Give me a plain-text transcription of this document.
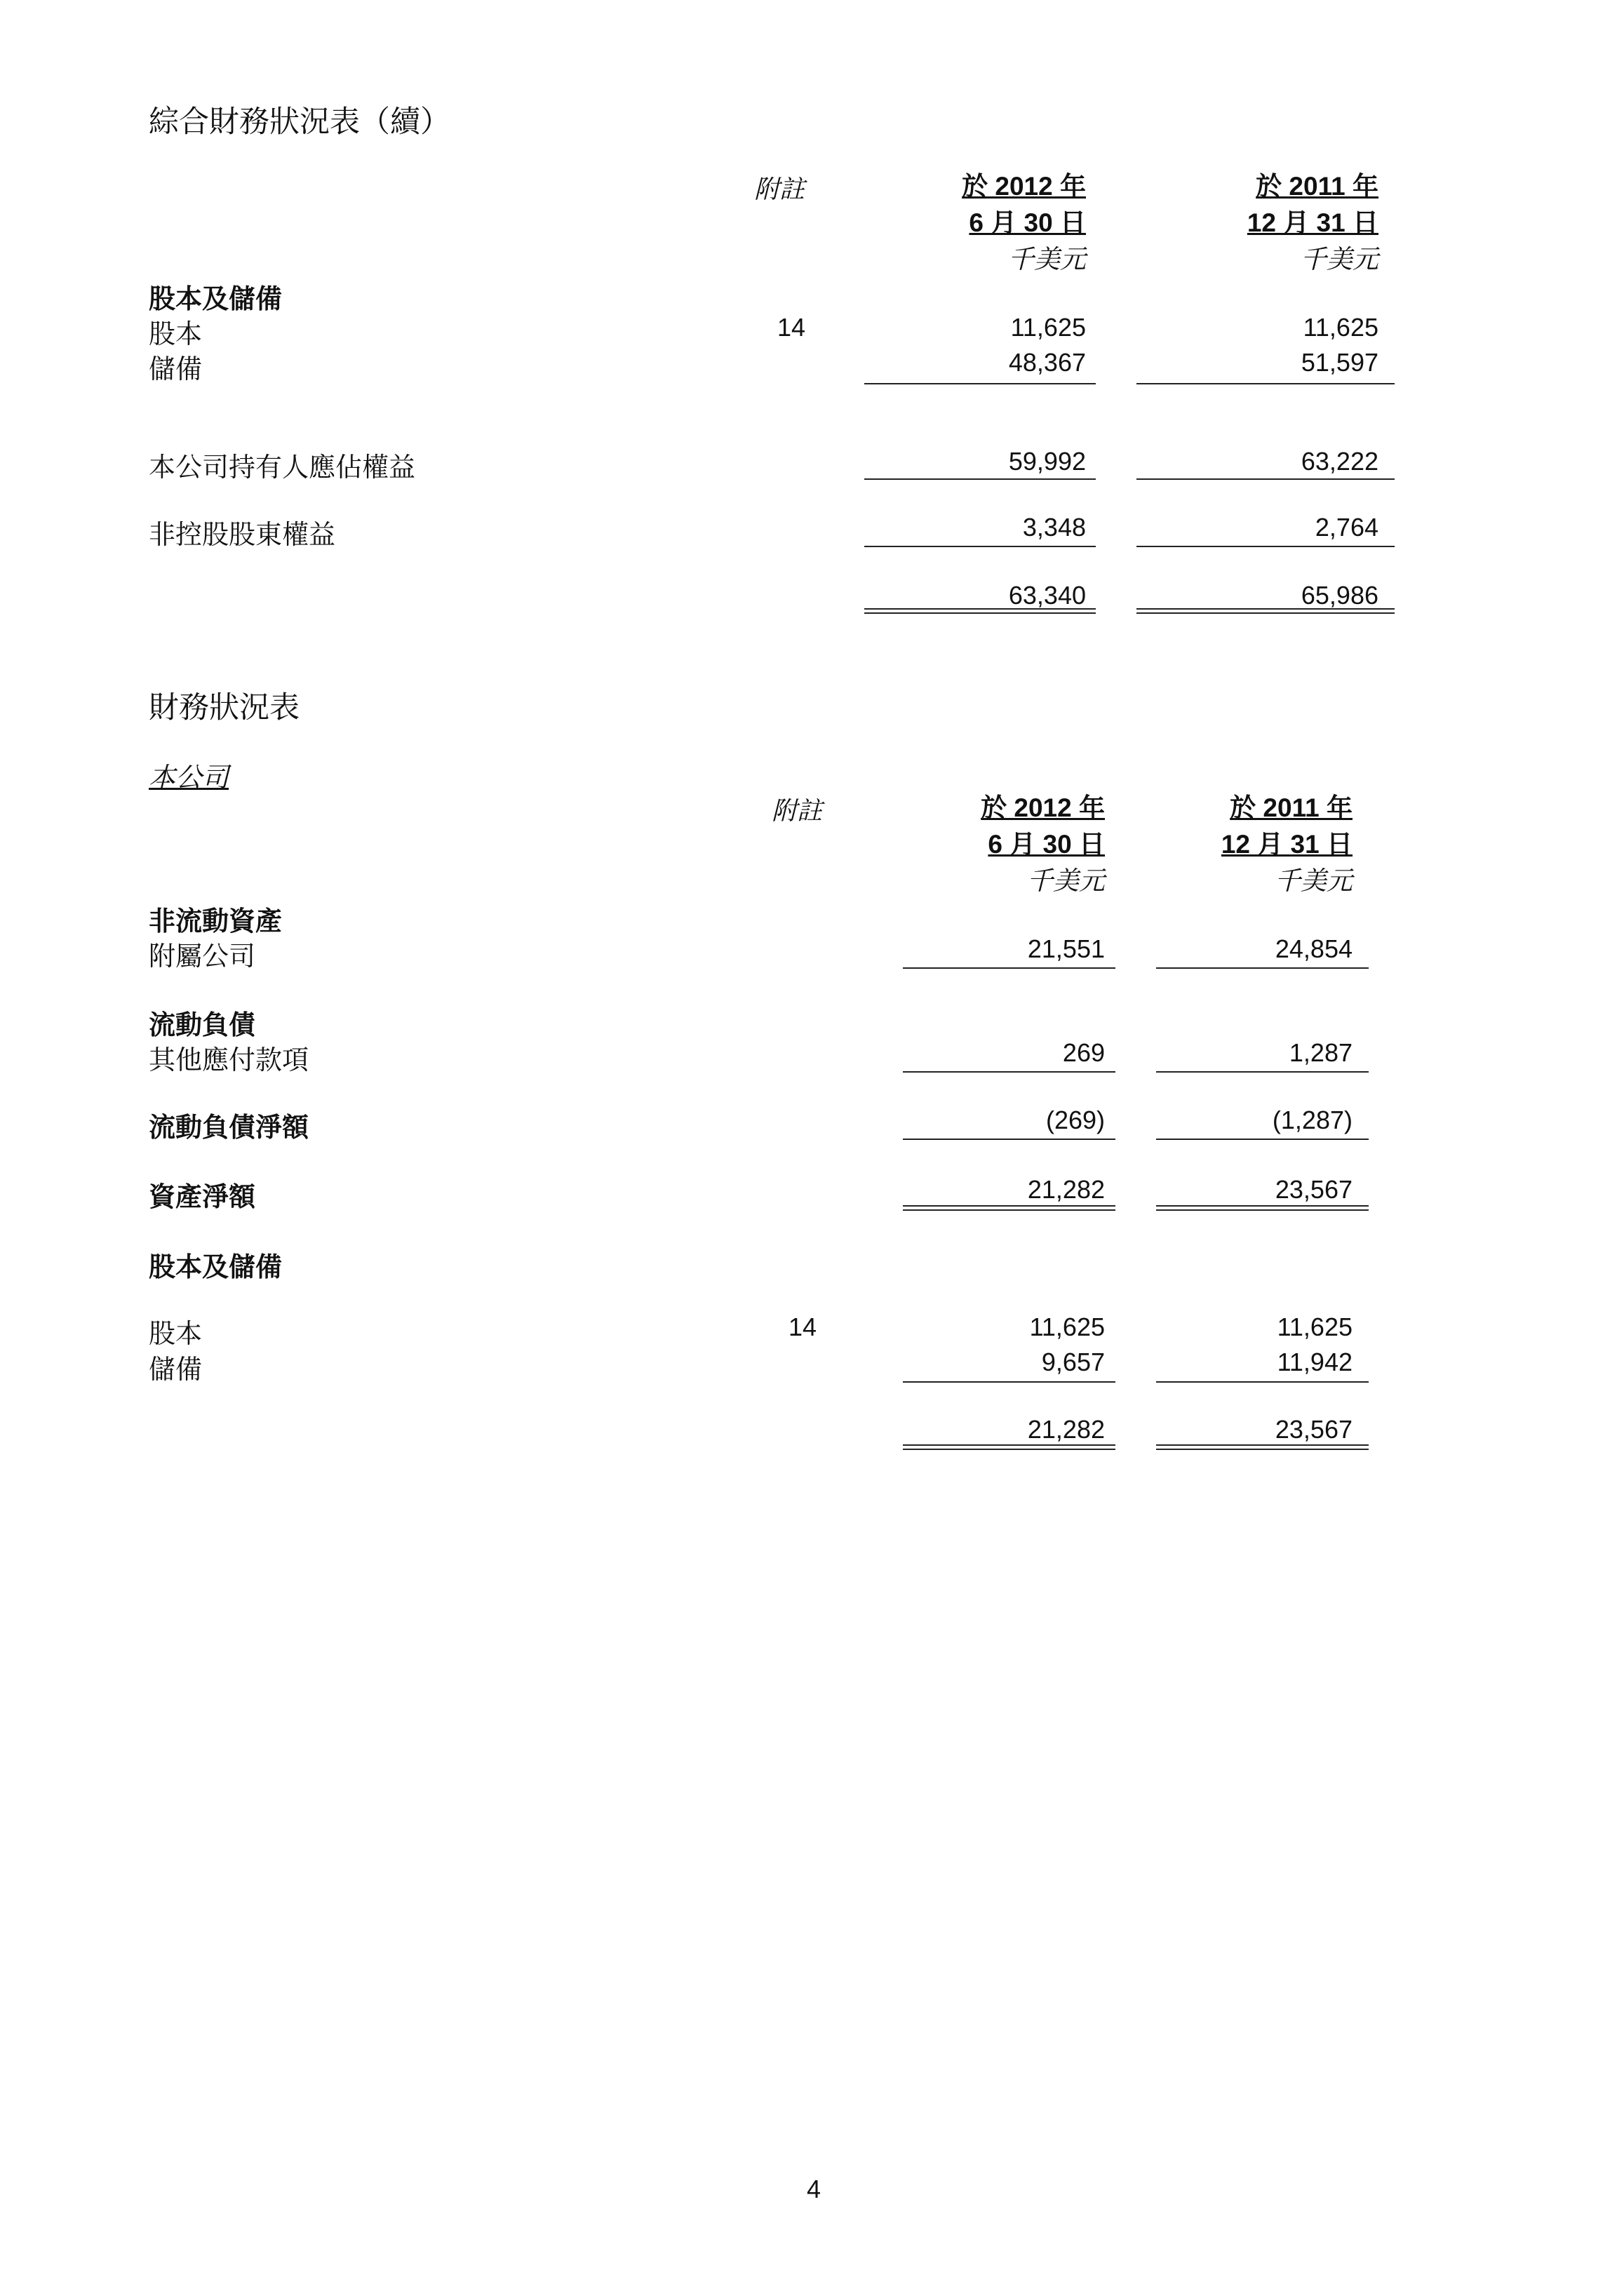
綜合財務狀況表（續）
附註	於 2012 年
6 月 30 日
千美元
於 2011 年
12 月 31 日
千美元
股本及儲備
股本	14	11,625	11,625
儲備	48,367	51,597
本公司持有人應佔權益	59,992	63,222
非控股股東權益	3,348	2,764
63,340	65,986
財務狀況表
本公司
附註	於 2012 年
6 月 30 日
千美元
於 2011 年
12 月 31 日
千美元
非流動資產
附屬公司	21,551	24,854
流動負債
其他應付款項	269	1,287
流動負債淨額	(269)	(1,287)
資產淨額	21,282	23,567
股本及儲備
股本	14	11,625	11,625
儲備	9,657	11,942
21,282	23,567
4
